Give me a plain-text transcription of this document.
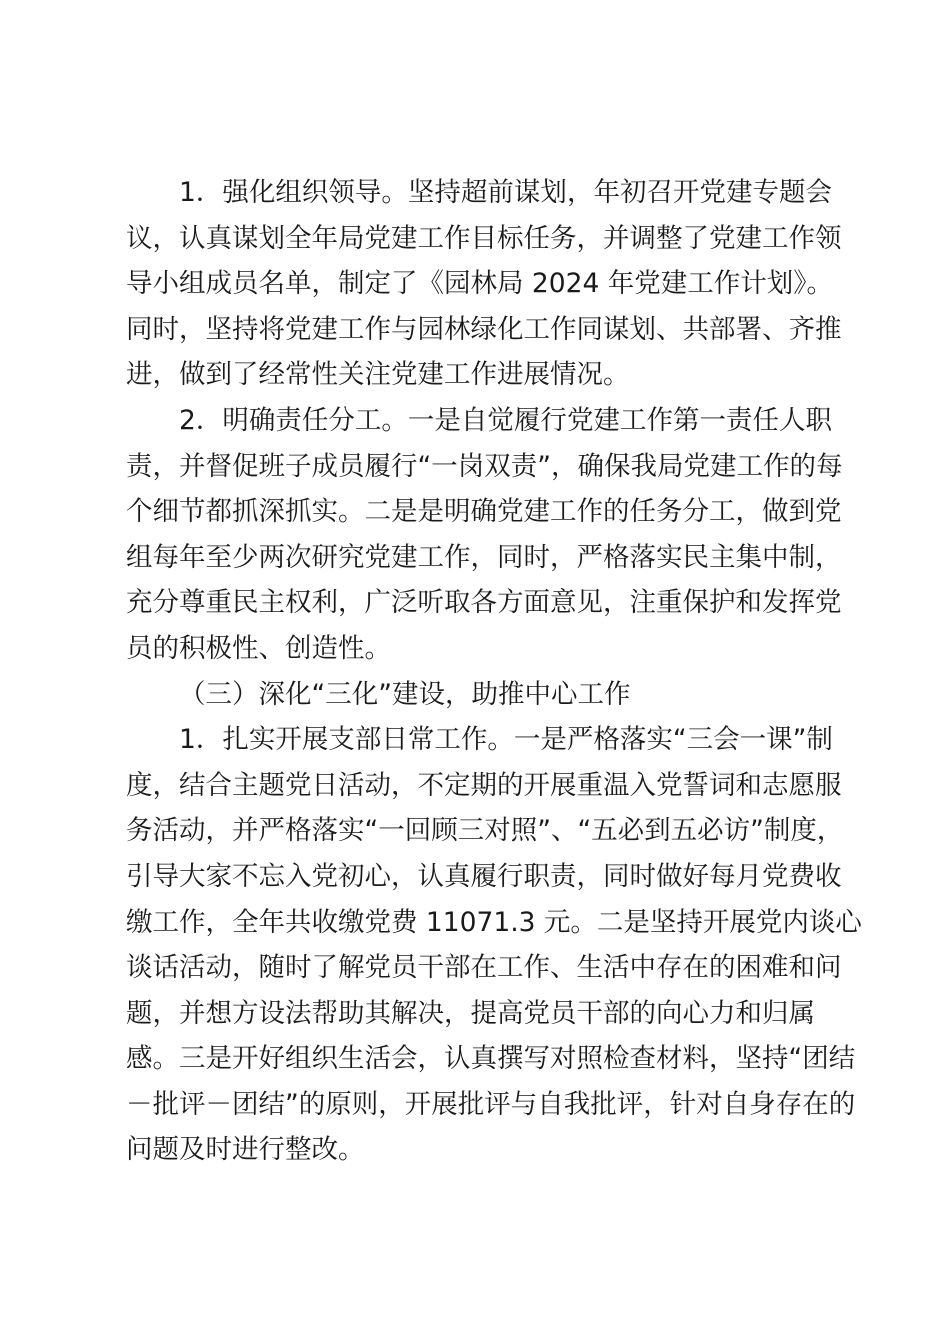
1．强化组织领导。坚持超前谋划，年初召开党建专题会
议，认真谋划全年局党建工作目标任务，并调整了党建工作领
导小组成员名单，制定了《园林局 2024 年党建工作计划》。
同时，坚持将党建工作与园林绿化工作同谋划、共部署、齐推
进，做到了经常性关注党建工作进展情况。
2．明确责任分工。一是自觉履行党建工作第一责任人职
责，并督促班子成员履行“一岗双责”，确保我局党建工作的每
个细节都抓深抓实。二是是明确党建工作的任务分工，做到党
组每年至少两次研究党建工作，同时，严格落实民主集中制，
充分尊重民主权利，广泛听取各方面意见，注重保护和发挥党
员的积极性、创造性。
（三）深化“三化”建设，助推中心工作
1．扎实开展支部日常工作。一是严格落实“三会一课”制
度，结合主题党日活动，不定期的开展重温入党誓词和志愿服
务活动，并严格落实“一回顾三对照”、“五必到五必访”制度，
引导大家不忘入党初心，认真履行职责，同时做好每月党费收
缴工作，全年共收缴党费 11071.3 元。二是坚持开展党内谈心
谈话活动，随时了解党员干部在工作、生活中存在的困难和问
题，并想方设法帮助其解决，提高党员干部的向心力和归属
感。三是开好组织生活会，认真撰写对照检查材料，坚持“团结
－批评－团结”的原则，开展批评与自我批评，针对自身存在的
问题及时进行整改。
